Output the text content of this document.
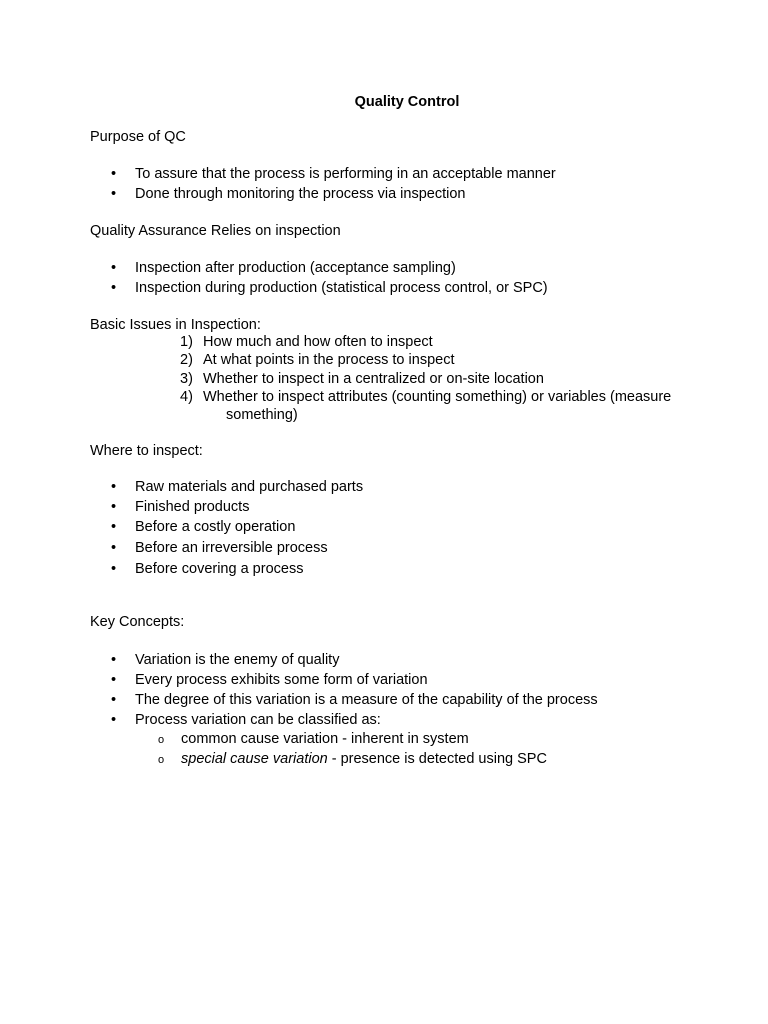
Quality Control
Purpose of QC
• To assure that the process is performing in an acceptable manner
• Done through monitoring the process via inspection
Quality Assurance Relies on inspection
• Inspection after production (acceptance sampling)
• Inspection during production (statistical process control, or SPC)
Basic Issues in Inspection:
1) How much and how often to inspect
2) At what points in the process to inspect
3) Whether to inspect in a centralized or on-site location
4) Whether to inspect attributes (counting something) or variables (measure
something)
Where to inspect:
• Raw materials and purchased parts
• Finished products
• Before a costly operation
• Before an irreversible process
• Before covering a process
Key Concepts:
• Variation is the enemy of quality
• Every process exhibits some form of variation
• The degree of this variation is a measure of the capability of the process
• Process variation can be classified as:
o common cause variation - inherent in system
o special cause variation - presence is detected using SPC
